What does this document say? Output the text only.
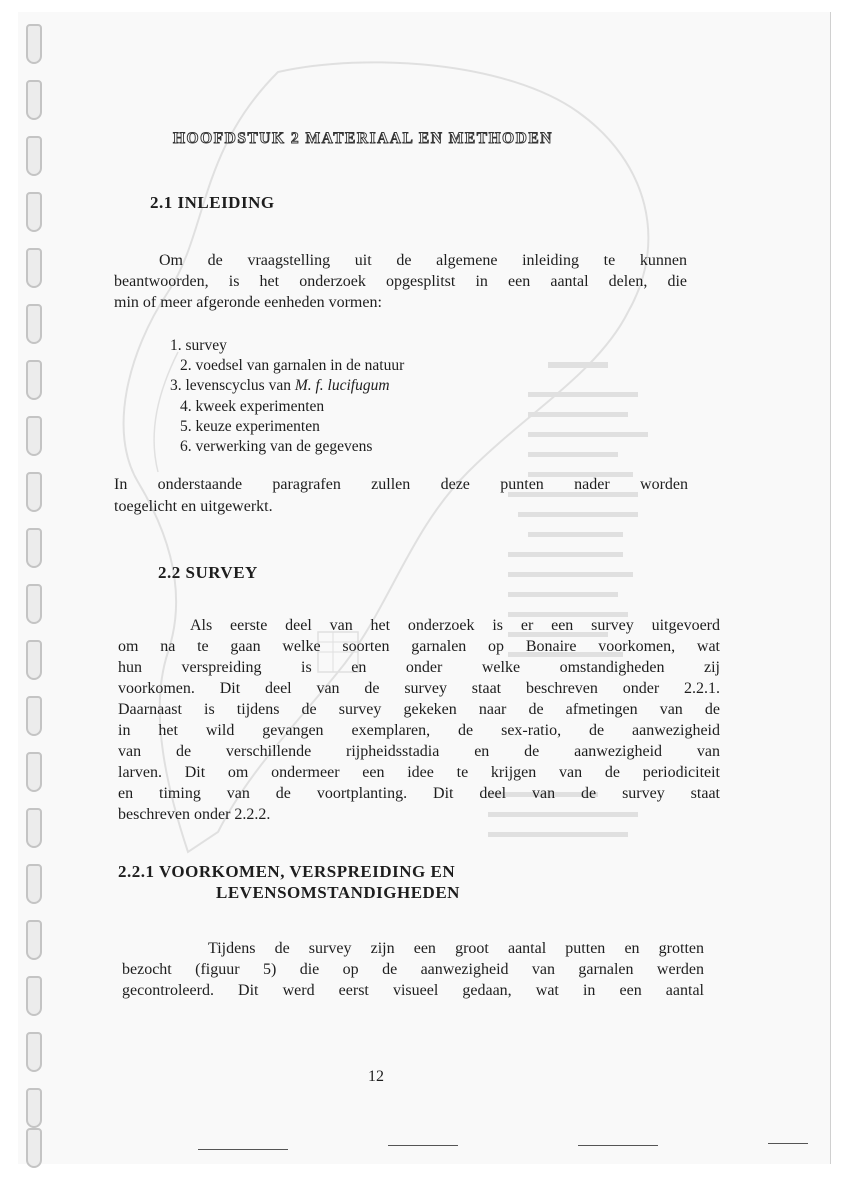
HOOFDSTUK 2 MATERIAAL EN METHODEN
2.1 INLEIDING
Om de vraagstelling uit de algemene inleiding te kunnen
beantwoorden, is het onderzoek opgesplitst in een aantal delen, die
min of meer afgeronde eenheden vormen:
1. survey
2. voedsel van garnalen in de natuur
3. levenscyclus van M. f. lucifugum
4. kweek experimenten
5. keuze experimenten
6. verwerking van de gegevens
In onderstaande paragrafen zullen deze punten nader worden
toegelicht en uitgewerkt.
2.2 SURVEY
Als eerste deel van het onderzoek is er een survey uitgevoerd
om na te gaan welke soorten garnalen op Bonaire voorkomen, wat
hun verspreiding is en onder welke omstandigheden zij
voorkomen. Dit deel van de survey staat beschreven onder 2.2.1.
Daarnaast is tijdens de survey gekeken naar de afmetingen van de
in het wild gevangen exemplaren, de sex-ratio, de aanwezigheid
van de verschillende rijpheidsstadia en de aanwezigheid van
larven. Dit om ondermeer een idee te krijgen van de periodiciteit
en timing van de voortplanting. Dit deel van de survey staat
beschreven onder 2.2.2.
2.2.1 VOORKOMEN, VERSPREIDING EN
LEVENSOMSTANDIGHEDEN
Tijdens de survey zijn een groot aantal putten en grotten
bezocht (figuur 5) die op de aanwezigheid van garnalen werden
gecontroleerd. Dit werd eerst visueel gedaan, wat in een aantal
12
